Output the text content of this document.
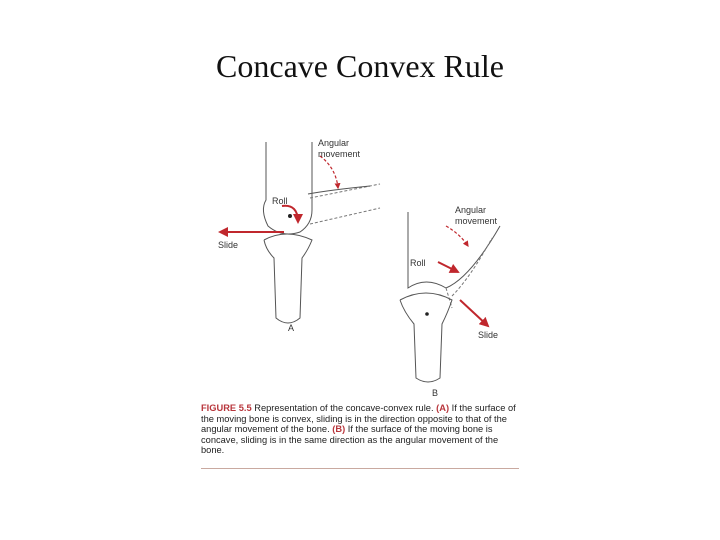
Concave Convex Rule
Angular
movement
Roll
Slide
A
Angular
movement
Roll
Slide
B
FIGURE 5.5 Representation of the concave-convex rule. (A) If the surface of the moving bone is convex, sliding is in the direction opposite to that of the angular movement of the bone. (B) If the surface of the moving bone is concave, sliding is in the same direction as the angular movement of the bone.
